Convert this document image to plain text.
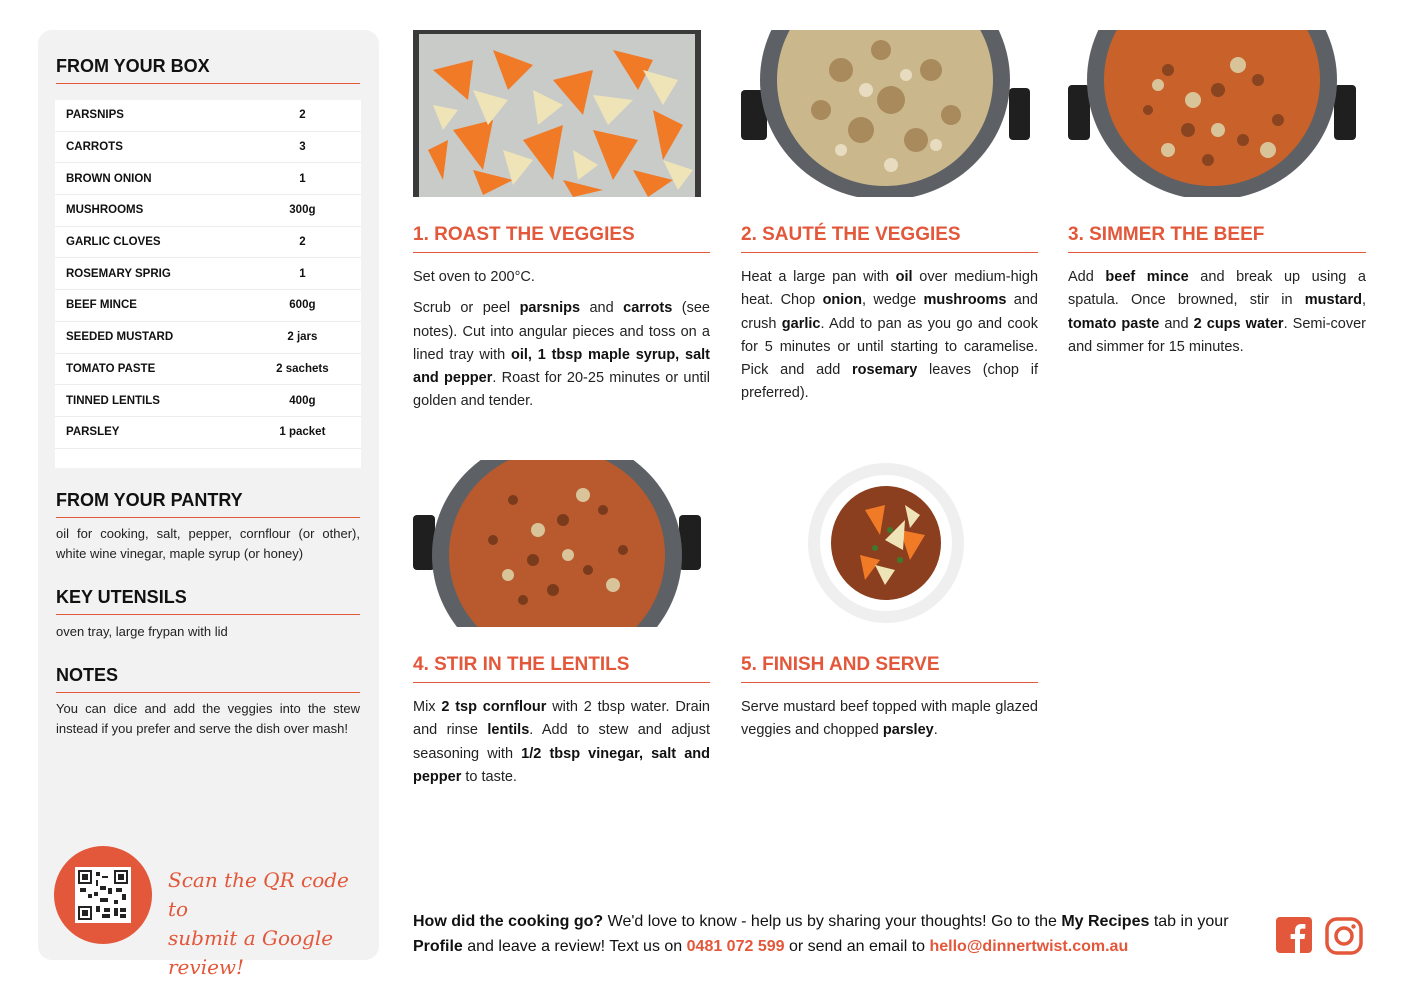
FROM YOUR BOX
PARSNIPS	2
CARROTS	3
BROWN ONION	1
MUSHROOMS	300g
GARLIC CLOVES	2
ROSEMARY SPRIG	1
BEEF MINCE	600g
SEEDED MUSTARD	2 jars
TOMATO PASTE	2 sachets
TINNED LENTILS	400g
PARSLEY	1 packet
FROM YOUR PANTRY
oil for cooking, salt, pepper, cornflour (or other), white wine vinegar, maple syrup (or honey)
KEY UTENSILS
oven tray, large frypan with lid
NOTES
You can dice and add the veggies into the stew instead if you prefer and serve the dish over mash!
Scan the QR code to
submit a Google review!
1. ROAST THE VEGGIES

Set oven to 200°C.

Scrub or peel parsnips and carrots (see notes). Cut into angular pieces and toss on a lined tray with oil, 1 tbsp maple syrup, salt and pepper. Roast for 20-25 minutes or until golden and tender.

2. SAUTÉ THE VEGGIES

Heat a large pan with oil over medium-high heat. Chop onion, wedge mushrooms and crush garlic. Add to pan as you go and cook for 5 minutes or until starting to caramelise. Pick and add rosemary leaves (chop if preferred).

3. SIMMER THE BEEF

Add beef mince and break up using a spatula. Once browned, stir in mustard, tomato paste and 2 cups water. Semi-cover and simmer for 15 minutes.

4. STIR IN THE LENTILS

Mix 2 tsp cornflour with 2 tbsp water. Drain and rinse lentils. Add to stew and adjust seasoning with 1/2 tbsp vinegar, salt and pepper to taste.

5. FINISH AND SERVE

Serve mustard beef topped with maple glazed veggies and chopped parsley.

How did the cooking go? We'd love to know - help us by sharing your thoughts! Go to the My Recipes tab in your Profile and leave a review! Text us on 0481 072 599 or send an email to hello@dinnertwist.com.au
